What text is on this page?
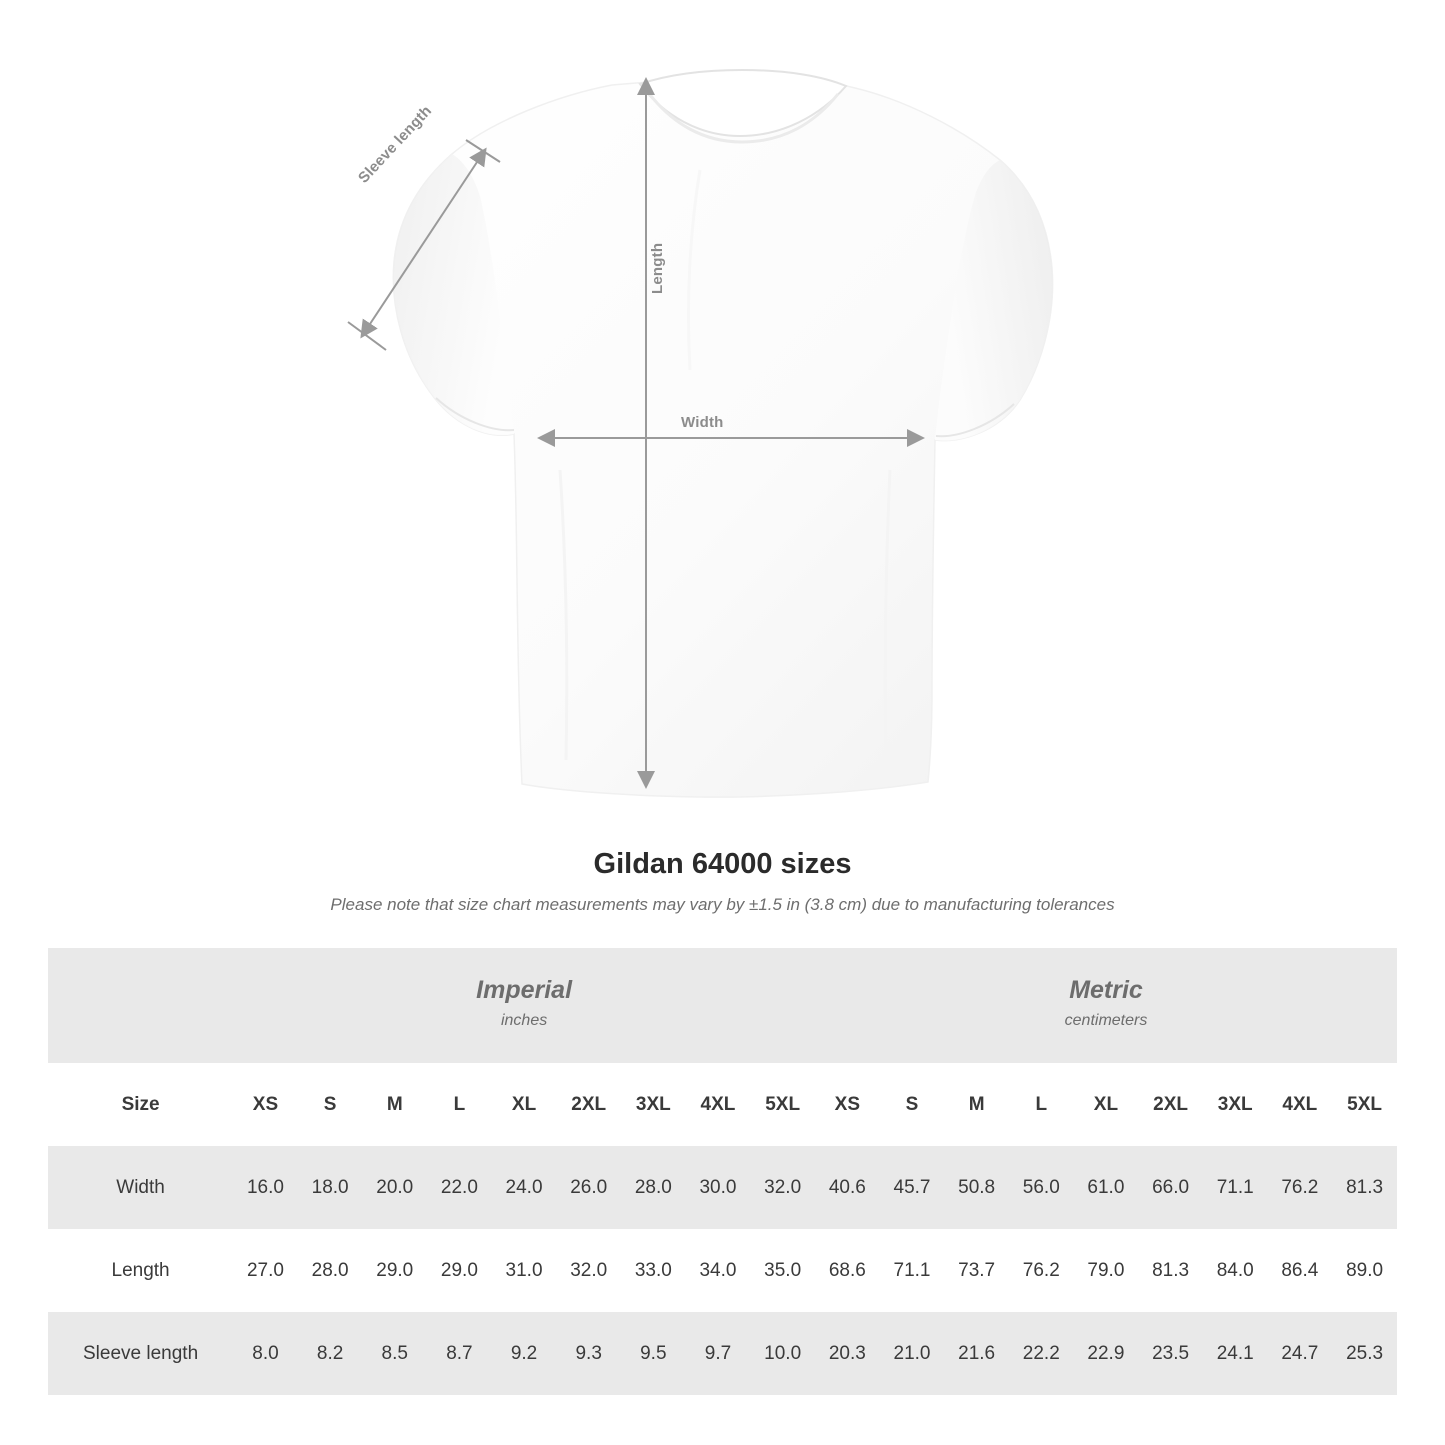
Sleeve length
Length
Width
Gildan 64000 sizes

Please note that size chart measurements may vary by ±1.5 in (3.8 cm) due to manufacturing tolerances

Imperial
inches

Metric
centimeters

Size	XS	S	M	L	XL	2XL	3XL	4XL	5XL	XS	S	M	L	XL	2XL	3XL	4XL	5XL
Width	16.0	18.0	20.0	22.0	24.0	26.0	28.0	30.0	32.0	40.6	45.7	50.8	56.0	61.0	66.0	71.1	76.2	81.3
Length	27.0	28.0	29.0	29.0	31.0	32.0	33.0	34.0	35.0	68.6	71.1	73.7	76.2	79.0	81.3	84.0	86.4	89.0
Sleeve length	8.0	8.2	8.5	8.7	9.2	9.3	9.5	9.7	10.0	20.3	21.0	21.6	22.2	22.9	23.5	24.1	24.7	25.3
